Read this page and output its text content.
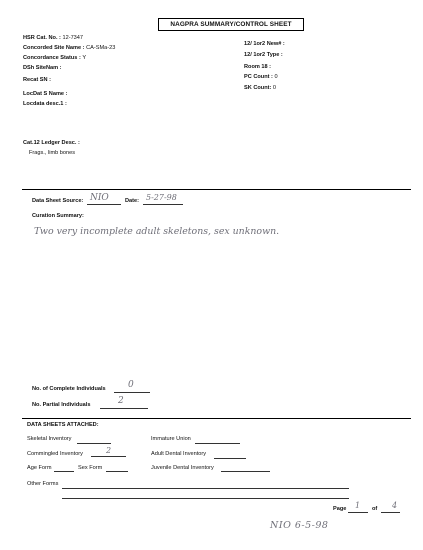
NAGPRA SUMMARY/CONTROL SHEET
HSR Cat. No. : 12-7347
Concorded Site Name : CA-SMa-23
Concordance Status : Y
DSh SiteNam :
Recat SN :
LocDat S Name :
Locdata desc.1 :
12/ 1or2 New# :
12/ 1or2 Type :
Room 18 :
PC Count : 0
SK Count: 0
Cat.12 Ledger Desc. :
Frags., limb bones
Data Sheet Source: NIO	Date: 5-27-98
Curation Summary:
Two very incomplete adult skeletons, sex unknown.
No. of Complete Individuals 0
No. Partial Individuals	2
DATA SHEETS ATTACHED:
Skeletal Inventory	Immature Union
Commingled Inventory	2	Adult Dental Inventory
Age Form	Sex Form	Juvenile Dental Inventory
Other Forms
Page 1 of 4
NIO 6-5-98
